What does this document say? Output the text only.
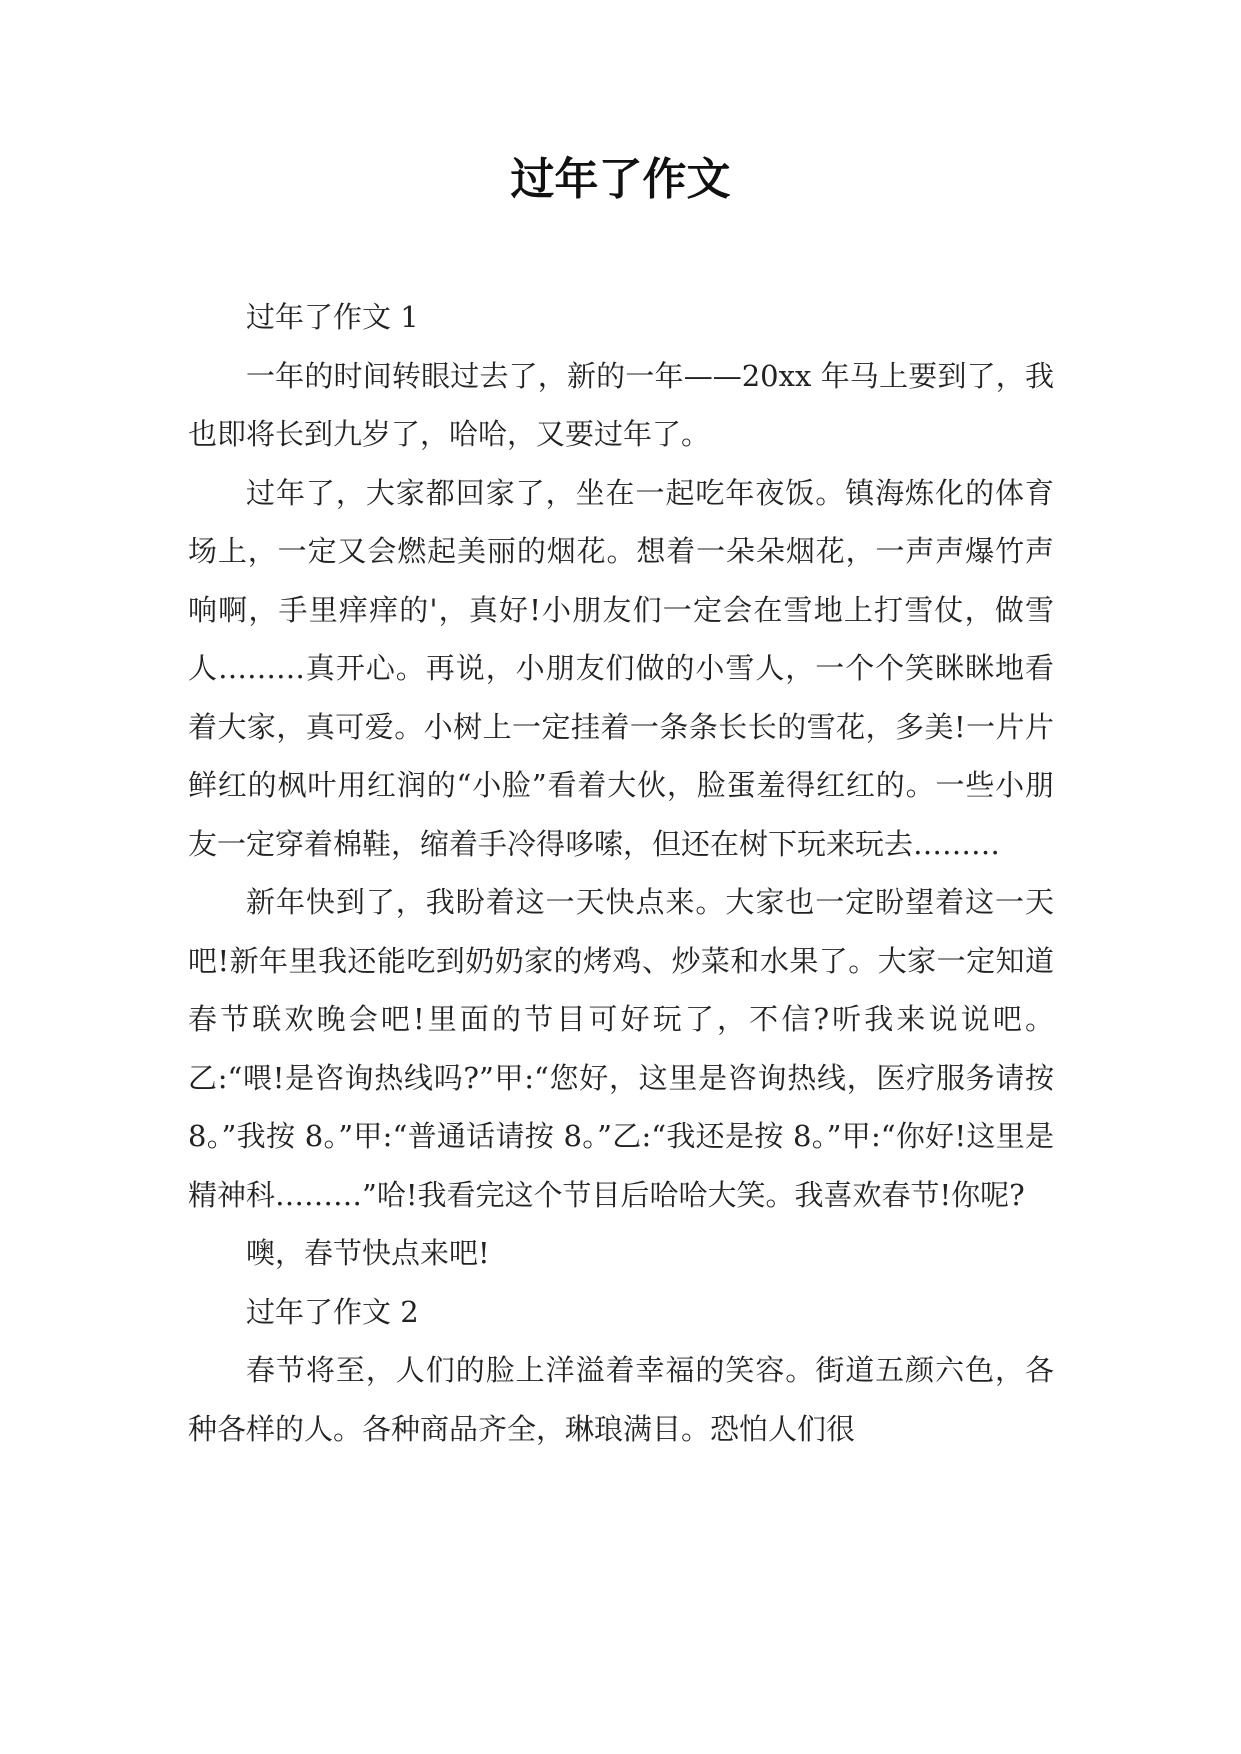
过年了作文

过年了作文 1

一年的时间转眼过去了，新的一年——20xx 年马上要到了，我也即将长到九岁了，哈哈，又要过年了。

过年了，大家都回家了，坐在一起吃年夜饭。镇海炼化的体育场上，一定又会燃起美丽的烟花。想着一朵朵烟花，一声声爆竹声响啊，手里痒痒的'，真好!小朋友们一定会在雪地上打雪仗，做雪人………真开心。再说，小朋友们做的小雪人，一个个笑眯眯地看着大家，真可爱。小树上一定挂着一条条长长的雪花，多美!一片片鲜红的枫叶用红润的“小脸”看着大伙，脸蛋羞得红红的。一些小朋友一定穿着棉鞋，缩着手冷得哆嗦，但还在树下玩来玩去………

新年快到了，我盼着这一天快点来。大家也一定盼望着这一天吧!新年里我还能吃到奶奶家的烤鸡、炒菜和水果了。大家一定知道春节联欢晚会吧!里面的节目可好玩了，不信?听我来说说吧。乙:“喂!是咨询热线吗?”甲:“您好，这里是咨询热线，医疗服务请按 8。”我按 8。”甲:“普通话请按 8。”乙:“我还是按 8。”甲:“你好!这里是精神科………”哈!我看完这个节目后哈哈大笑。我喜欢春节!你呢?

噢，春节快点来吧!

过年了作文 2

春节将至，人们的脸上洋溢着幸福的笑容。街道五颜六色，各种各样的人。各种商品齐全，琳琅满目。恐怕人们很
